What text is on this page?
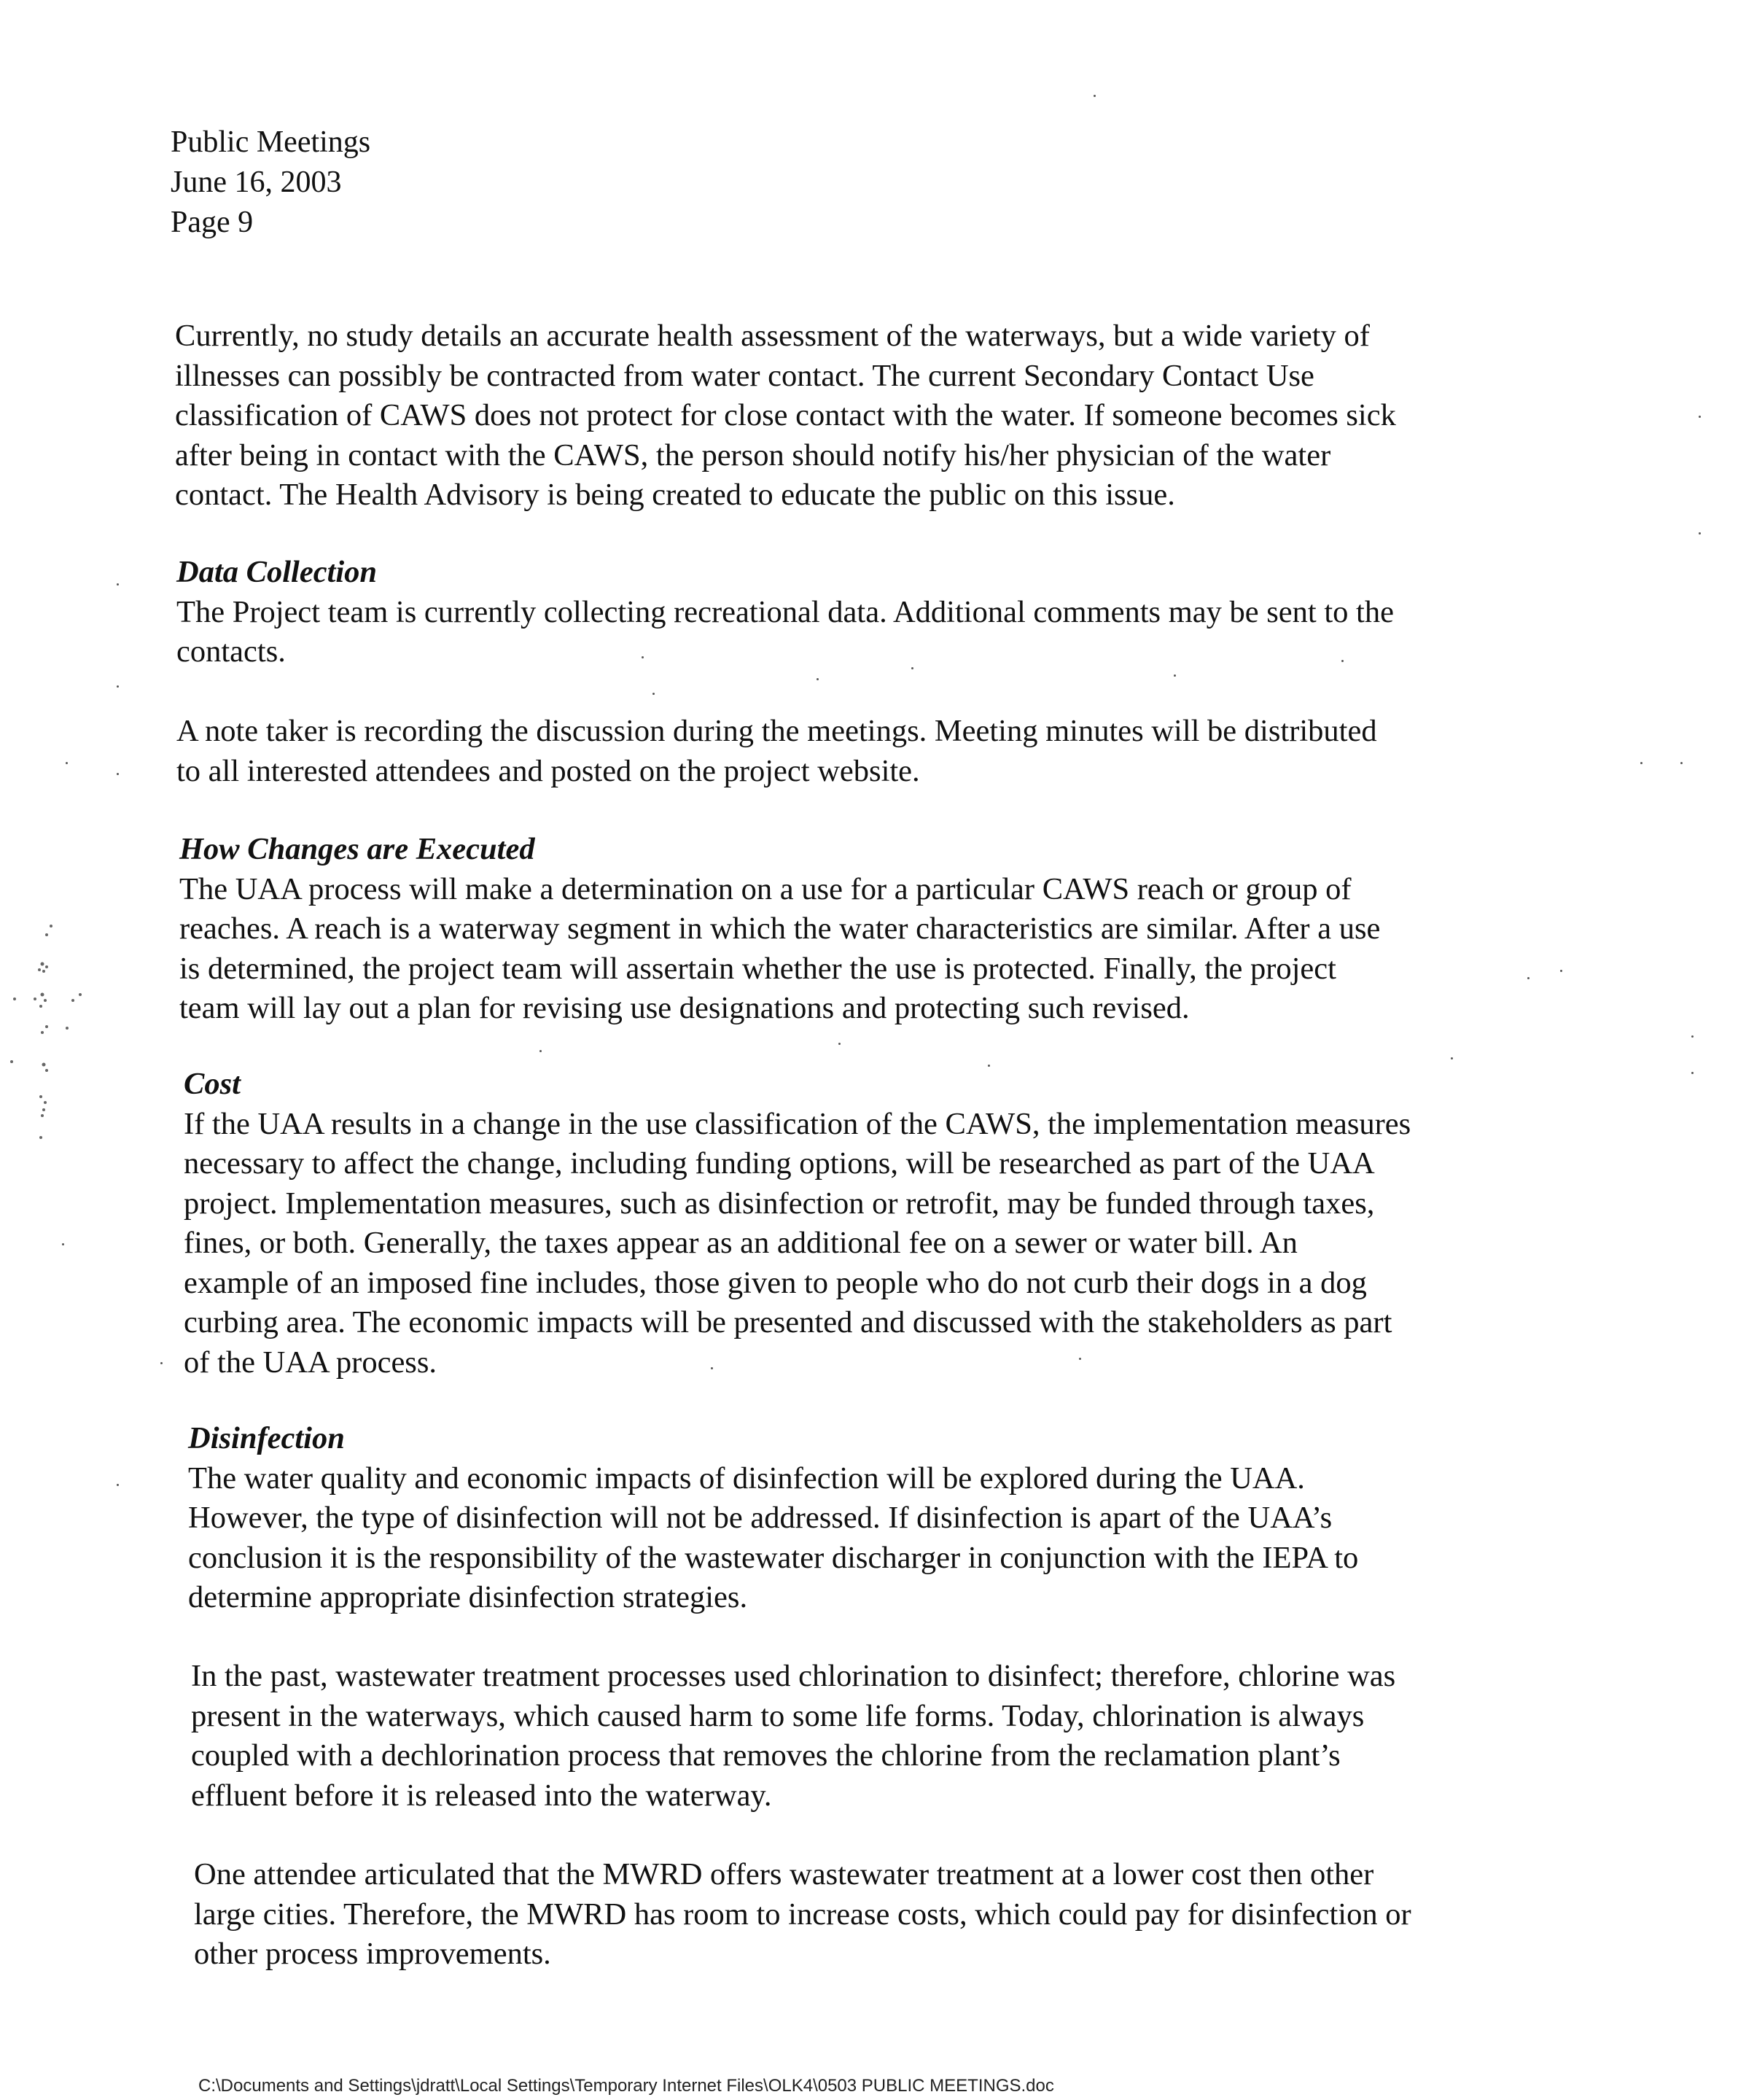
Public Meetings
June 16, 2003
Page 9
Currently, no study details an accurate health assessment of the waterways, but a wide variety of
illnesses can possibly be contracted from water contact. The current Secondary Contact Use
classification of CAWS does not protect for close contact with the water. If someone becomes sick
after being in contact with the CAWS, the person should notify his/her physician of the water
contact. The Health Advisory is being created to educate the public on this issue.
Data Collection
The Project team is currently collecting recreational data. Additional comments may be sent to the
contacts.
A note taker is recording the discussion during the meetings. Meeting minutes will be distributed
to all interested attendees and posted on the project website.
How Changes are Executed
The UAA process will make a determination on a use for a particular CAWS reach or group of
reaches. A reach is a waterway segment in which the water characteristics are similar. After a use
is determined, the project team will assertain whether the use is protected. Finally, the project
team will lay out a plan for revising use designations and protecting such revised.
Cost
If the UAA results in a change in the use classification of the CAWS, the implementation measures
necessary to affect the change, including funding options, will be researched as part of the UAA
project. Implementation measures, such as disinfection or retrofit, may be funded through taxes,
fines, or both. Generally, the taxes appear as an additional fee on a sewer or water bill. An
example of an imposed fine includes, those given to people who do not curb their dogs in a dog
curbing area. The economic impacts will be presented and discussed with the stakeholders as part
of the UAA process.
Disinfection
The water quality and economic impacts of disinfection will be explored during the UAA.
However, the type of disinfection will not be addressed. If disinfection is apart of the UAA’s
conclusion it is the responsibility of the wastewater discharger in conjunction with the IEPA to
determine appropriate disinfection strategies.
In the past, wastewater treatment processes used chlorination to disinfect; therefore, chlorine was
present in the waterways, which caused harm to some life forms. Today, chlorination is always
coupled with a dechlorination process that removes the chlorine from the reclamation plant’s
effluent before it is released into the waterway.
One attendee articulated that the MWRD offers wastewater treatment at a lower cost then other
large cities. Therefore, the MWRD has room to increase costs, which could pay for disinfection or
other process improvements.
C:\Documents and Settings\jdratt\Local Settings\Temporary Internet Files\OLK4\0503 PUBLIC MEETINGS.doc
